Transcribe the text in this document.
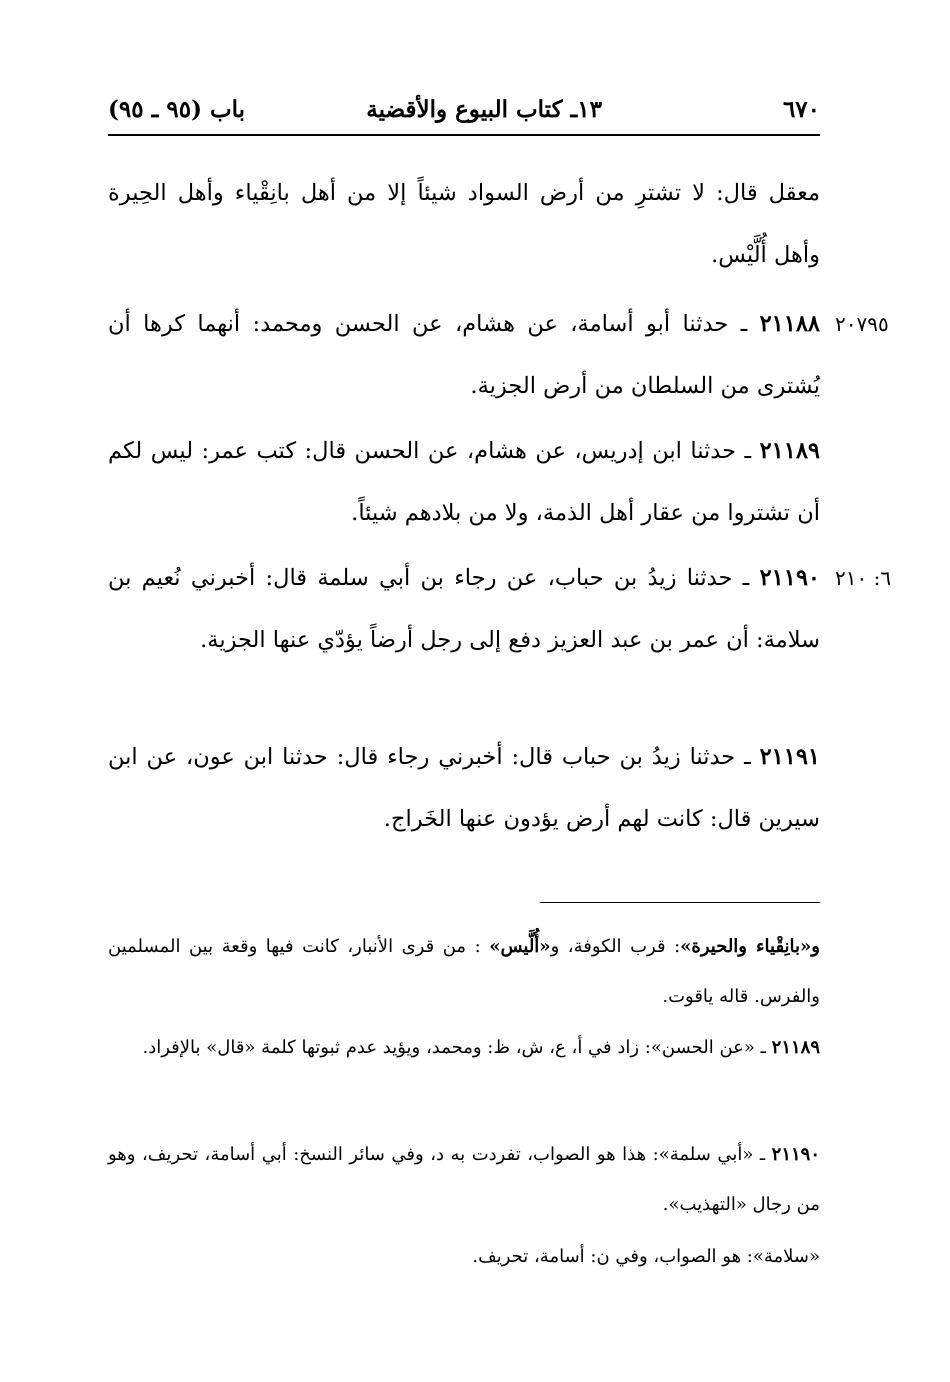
٦٧٠
١٣ـ كتاب البيوع والأقضية
باب (٩٥ ـ ٩٥)
معقل قال: لا تشترِ من أرض السواد شيئاً إلا من أهل بانِقْياء وأهل الحِيرة وأهل أُلَّيْس.
٢٠٧٩٥
٢١١٨٨ ـ حدثنا أبو أسامة، عن هشام، عن الحسن ومحمد: أنهما كرها أن يُشترى من السلطان من أرض الجزية.
٢١١٨٩ ـ حدثنا ابن إدريس، عن هشام، عن الحسن قال: كتب عمر: ليس لكم أن تشتروا من عقار أهل الذمة، ولا من بلادهم شيئاً.
٦: ٢١٠
٢١١٩٠ ـ حدثنا زيدُ بن حباب، عن رجاء بن أبي سلمة قال: أخبرني نُعيم بن سلامة: أن عمر بن عبد العزيز دفع إلى رجل أرضاً يؤدّي عنها الجزية.
٢١١٩١ ـ حدثنا زيدُ بن حباب قال: أخبرني رجاء قال: حدثنا ابن عون، عن ابن سيرين قال: كانت لهم أرض يؤدون عنها الخَراج.
و«بانِقْياء والحيرة»: قرب الكوفة، و«أُلَّيس» : من قرى الأنبار، كانت فيها وقعة بين المسلمين والفرس. قاله ياقوت.
٢١١٨٩ ـ «عن الحسن»: زاد في أ، ع، ش، ظ: ومحمد، ويؤيد عدم ثبوتها كلمة «قال» بالإفراد.
٢١١٩٠ ـ «أبي سلمة»: هذا هو الصواب، تفردت به د، وفي سائر النسخ: أبي أسامة، تحريف، وهو من رجال «التهذيب».
«سلامة»: هو الصواب، وفي ن: أسامة، تحريف.
